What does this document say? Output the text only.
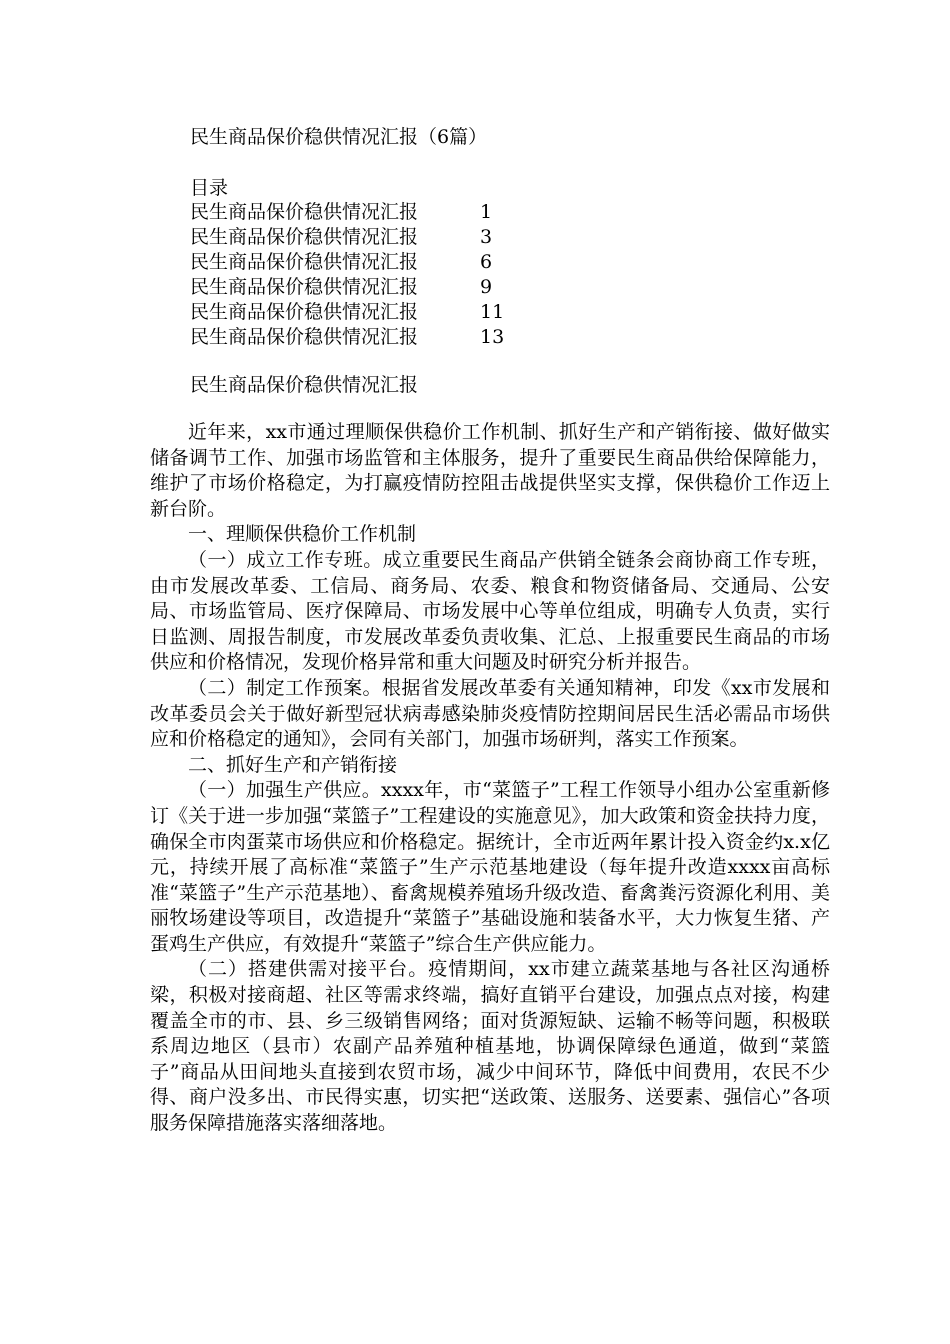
民生商品保价稳供情况汇报（6篇）
目录
民生商品保价稳供情况汇报	1
民生商品保价稳供情况汇报	3
民生商品保价稳供情况汇报	6
民生商品保价稳供情况汇报	9
民生商品保价稳供情况汇报	11
民生商品保价稳供情况汇报	13
民生商品保价稳供情况汇报

近年来，xx市通过理顺保供稳价工作机制、抓好生产和产销衔接、做好做实储备调节工作、加强市场监管和主体服务，提升了重要民生商品供给保障能力，维护了市场价格稳定，为打赢疫情防控阻击战提供坚实支撑，保供稳价工作迈上新台阶。

一、理顺保供稳价工作机制

（一）成立工作专班。成立重要民生商品产供销全链条会商协商工作专班，由市发展改革委、工信局、商务局、农委、粮食和物资储备局、交通局、公安局、市场监管局、医疗保障局、市场发展中心等单位组成，明确专人负责，实行日监测、周报告制度，市发展改革委负责收集、汇总、上报重要民生商品的市场供应和价格情况，发现价格异常和重大问题及时研究分析并报告。

（二）制定工作预案。根据省发展改革委有关通知精神，印发《xx市发展和改革委员会关于做好新型冠状病毒感染肺炎疫情防控期间居民生活必需品市场供应和价格稳定的通知》，会同有关部门，加强市场研判，落实工作预案。

二、抓好生产和产销衔接

（一）加强生产供应。xxxx年，市“菜篮子”工程工作领导小组办公室重新修订《关于进一步加强“菜篮子”工程建设的实施意见》，加大政策和资金扶持力度，确保全市肉蛋菜市场供应和价格稳定。据统计，全市近两年累计投入资金约x.x亿元，持续开展了高标准“菜篮子”生产示范基地建设（每年提升改造xxxx亩高标准“菜篮子”生产示范基地）、畜禽规模养殖场升级改造、畜禽粪污资源化利用、美丽牧场建设等项目，改造提升“菜篮子”基础设施和装备水平，大力恢复生猪、产蛋鸡生产供应，有效提升“菜篮子”综合生产供应能力。

（二）搭建供需对接平台。疫情期间，xx市建立蔬菜基地与各社区沟通桥梁，积极对接商超、社区等需求终端，搞好直销平台建设，加强点点对接，构建覆盖全市的市、县、乡三级销售网络；面对货源短缺、运输不畅等问题，积极联系周边地区（县市）农副产品养殖种植基地，协调保障绿色通道，做到“菜篮子”商品从田间地头直接到农贸市场，减少中间环节，降低中间费用，农民不少得、商户没多出、市民得实惠，切实把“送政策、送服务、送要素、强信心”各项服务保障措施落实落细落地。
